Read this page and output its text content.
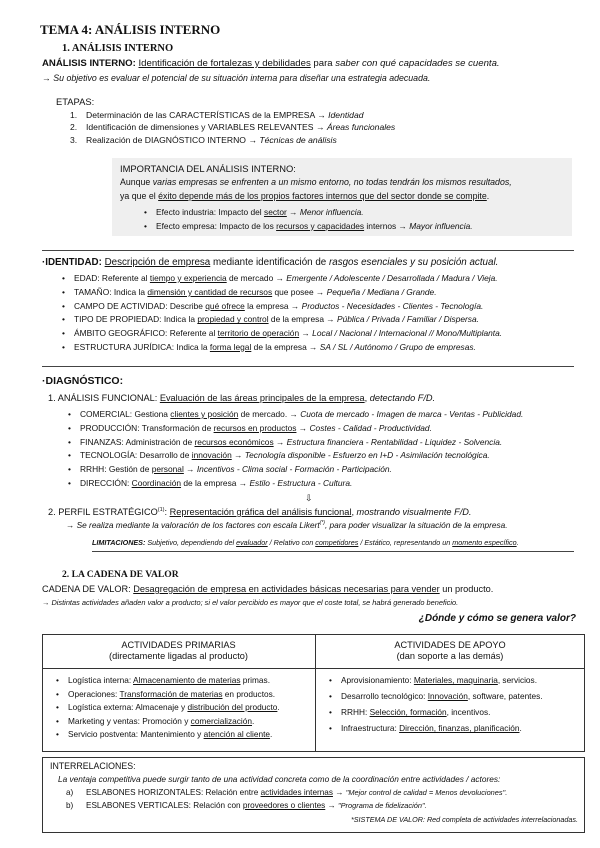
TEMA 4: ANÁLISIS INTERNO
1. ANÁLISIS INTERNO
ANÁLISIS INTERNO: Identificación de fortalezas y debilidades para saber con qué capacidades se cuenta.
→ Su objetivo es evaluar el potencial de su situación interna para diseñar una estrategia adecuada.
ETAPAS:
1. Determinación de las CARACTERÍSTICAS de la EMPRESA → Identidad
2. Identificación de dimensiones y VARIABLES RELEVANTES → Áreas funcionales
3. Realización de DIAGNÓSTICO INTERNO → Técnicas de análisis
IMPORTANCIA DEL ANÁLISIS INTERNO:
Aunque varias empresas se enfrenten a un mismo entorno, no todas tendrán los mismos resultados,
ya que el éxito depende más de los propios factores internos que del sector donde se compite.
• Efecto industria: Impacto del sector → Menor influencia.
• Efecto empresa: Impacto de los recursos y capacidades internos → Mayor influencia.
·IDENTIDAD: Descripción de empresa mediante identificación de rasgos esenciales y su posición actual.
• EDAD: Referente al tiempo y experiencia de mercado → Emergente / Adolescente / Desarrollada / Madura / Vieja.
• TAMAÑO: Indica la dimensión y cantidad de recursos que posee → Pequeña / Mediana / Grande.
• CAMPO DE ACTIVIDAD: Describe qué ofrece la empresa → Productos - Necesidades - Clientes - Tecnología.
• TIPO DE PROPIEDAD: Indica la propiedad y control de la empresa → Pública / Privada / Familiar / Dispersa.
• ÁMBITO GEOGRÁFICO: Referente al territorio de operación → Local / Nacional / Internacional // Mono/Multiplanta.
• ESTRUCTURA JURÍDICA: Indica la forma legal de la empresa → SA / SL / Autónomo / Grupo de empresas.
·DIAGNÓSTICO:
1. ANÁLISIS FUNCIONAL: Evaluación de las áreas principales de la empresa, detectando F/D.
• COMERCIAL: Gestiona clientes y posición de mercado. → Cuota de mercado - Imagen de marca - Ventas - Publicidad.
• PRODUCCIÓN: Transformación de recursos en productos → Costes - Calidad - Productividad.
• FINANZAS: Administración de recursos económicos → Estructura financiera - Rentabilidad - Liquidez - Solvencia.
• TECNOLOGÍA: Desarrollo de innovación → Tecnología disponible - Esfuerzo en I+D - Asimilación tecnológica.
• RRHH: Gestión de personal → Incentivos - Clima social - Formación - Participación.
• DIRECCIÓN: Coordinación de la empresa → Estilo - Estructura - Cultura.
⇩
2. PERFIL ESTRATÉGICO$^{(1)}$: Representación gráfica del análisis funcional, mostrando visualmente F/D.
→ Se realiza mediante la valoración de los factores con escala Likert(*), para poder visualizar la situación de la empresa.
LIMITACIONES: Subjetivo, dependiendo del evaluador / Relativo con competidores / Estático, representando un momento específico.
2. LA CADENA DE VALOR
CADENA DE VALOR: Desagregación de empresa en actividades básicas necesarias para vender un producto.
→ Distintas actividades añaden valor a producto; si el valor percibido es mayor que el coste total, se habrá generado beneficio.
¿Dónde y cómo se genera valor?
ACTIVIDADES PRIMARIAS
(directamente ligadas al producto)
ACTIVIDADES DE APOYO
(dan soporte a las demás)
• Logística interna: Almacenamiento de materias primas.
• Operaciones: Transformación de materias en productos.
• Logística externa: Almacenaje y distribución del producto.
• Marketing y ventas: Promoción y comercialización.
• Servicio postventa: Mantenimiento y atención al cliente.
• Aprovisionamiento: Materiales, maquinaria, servicios.
• Desarrollo tecnológico: Innovación, software, patentes.
• RRHH: Selección, formación, incentivos.
• Infraestructura: Dirección, finanzas, planificación.
INTERRELACIONES:
La ventaja competitiva puede surgir tanto de una actividad concreta como de la coordinación entre actividades / actores:
a) ESLABONES HORIZONTALES: Relación entre actividades internas → "Mejor control de calidad = Menos devoluciones".
b) ESLABONES VERTICALES: Relación con proveedores o clientes → "Programa de fidelización".
*SISTEMA DE VALOR: Red completa de actividades interrelacionadas.
